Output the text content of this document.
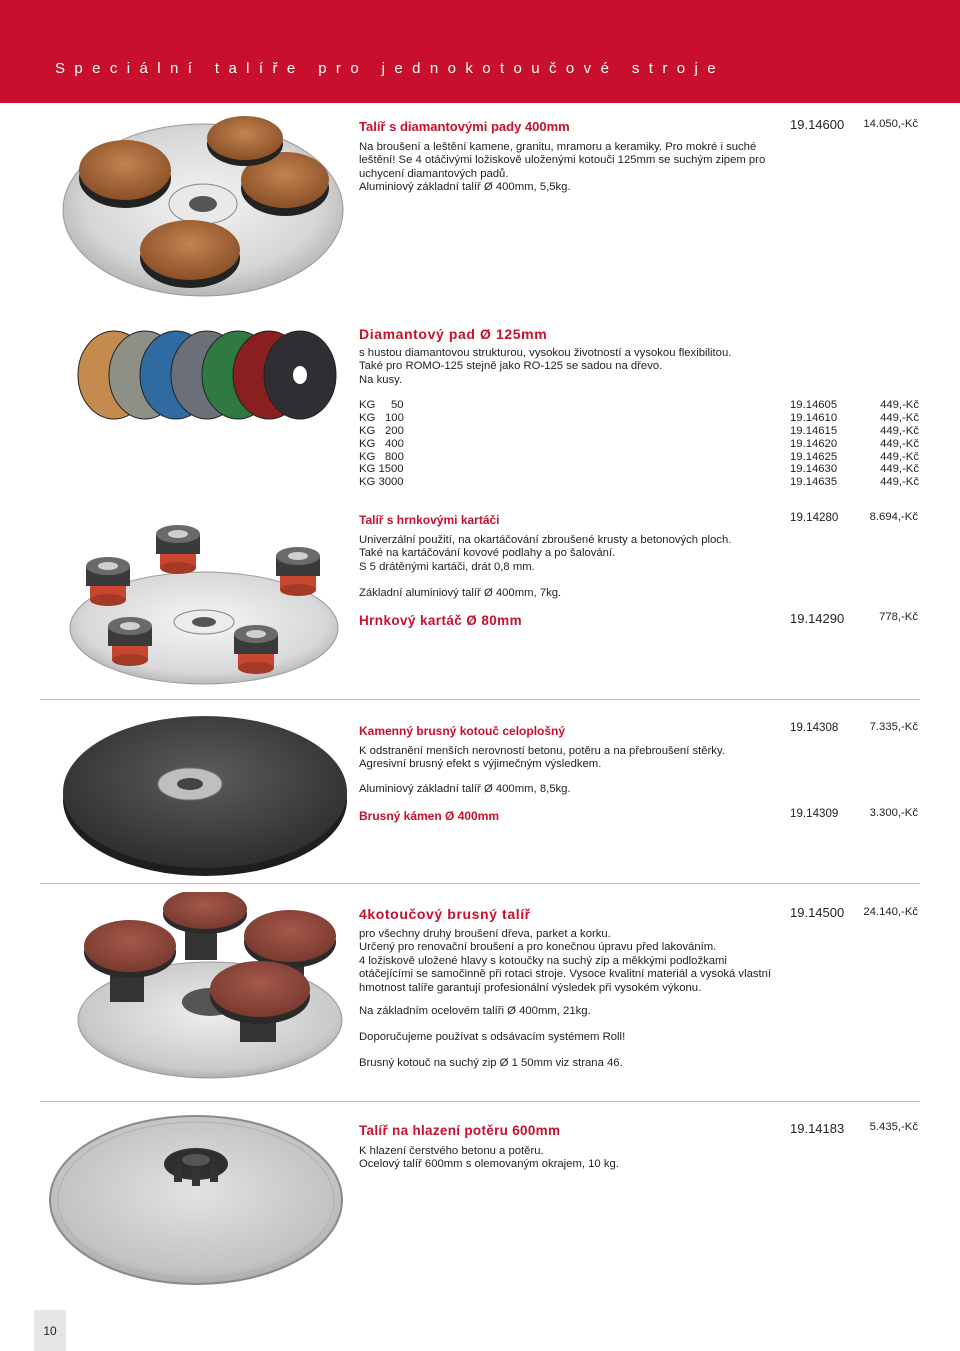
Speciální talíře pro jednokotoučové stroje
Talíř s diamantovými pady 400mm	19.14600 14.050,-Kč
Na broušení a leštění kamene, granitu, mramoru a keramiky. Pro mokré i suché
leštění! Se 4 otáčivými ložiskově uloženými kotouči 125mm se suchým zipem pro
uchycení diamantových padů.
Aluminiový základní talíř Ø 400mm, 5,5kg.
Diamantový pad Ø 125mm
s hustou diamantovou strukturou, vysokou životností a vysokou flexibilitou.
Také pro ROMO-125 stejně jako RO-125 se sadou na dřevo.
Na kusy.
KG 50	19.14605	449,-Kč
KG 100	19.14610	449,-Kč
KG 200	19.14615	449,-Kč
KG 400	19.14620	449,-Kč
KG 800	19.14625	449,-Kč
KG 1500	19.14630	449,-Kč
KG 3000	19.14635	449,-Kč
Talíř s hrnkovými kartáči	19.14280	8.694,-Kč
Univerzální použití, na okartáčování zbroušené krusty a betonových ploch.
Také na kartáčování kovové podlahy a po šalování.
S 5 drátěnými kartáči, drát 0,8 mm.
Základní aluminiový talíř Ø 400mm, 7kg.
Hrnkový kartáč Ø 80mm	19.14290	778,-Kč
Kamenný brusný kotouč celoplošný	19.14308	7.335,-Kč
K odstranění menších nerovností betonu, potěru a na přebroušení stěrky.
Agresivní brusný efekt s výjimečným výsledkem.
Aluminiový základní talíř Ø 400mm, 8,5kg.
Brusný kámen Ø 400mm	19.14309	3.300,-Kč
4kotoučový brusný talíř	19.14500 24.140,-Kč
pro všechny druhy broušení dřeva, parket a korku.
Určený pro renovační broušení a pro konečnou úpravu před lakováním.
4 ložiskově uložené hlavy s kotoučky na suchý zip a měkkými podložkami
otáčejícími se samočinně při rotaci stroje. Vysoce kvalitní materiál a vysoká vlastní
hmotnost talíře garantují profesionální výsledek při vysokém výkonu.
Na základním ocelovém talíři Ø 400mm, 21kg.
Doporučujeme používat s odsávacím systémem Roll!
Brusný kotouč na suchý zip Ø 1 50mm viz strana 46.
Talíř na hlazení potěru 600mm	19.14183 5.435,-Kč
K hlazení čerstvého betonu a potěru.
Ocelový talíř 600mm s olemovaným okrajem, 10 kg.
10
